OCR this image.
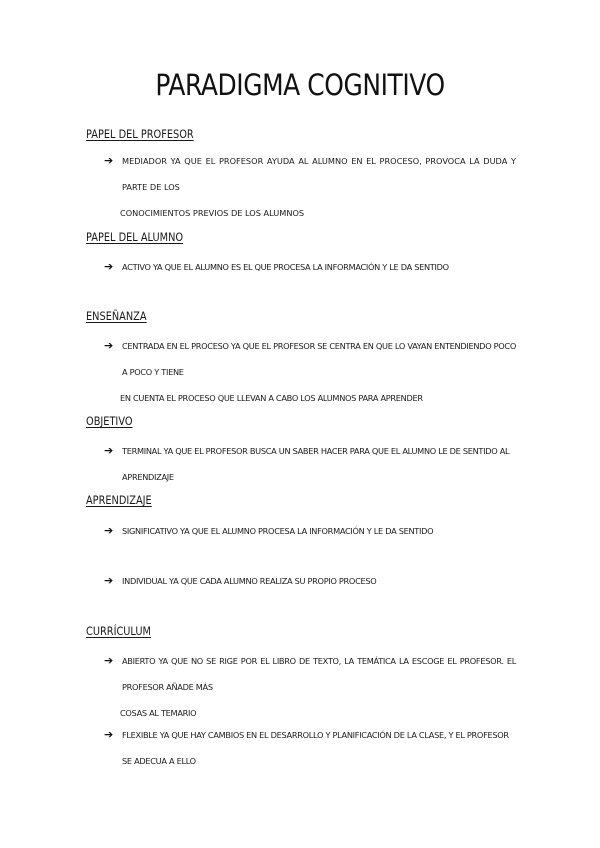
PARADIGMA COGNITIVO
PAPEL DEL PROFESOR
➔	MEDIADOR YA QUE EL PROFESOR AYUDA AL ALUMNO EN EL PROCESO, PROVOCA LA DUDA Y PARTE DE LOS
CONOCIMIENTOS PREVIOS DE LOS ALUMNOS
PAPEL DEL ALUMNO
➔	ACTIVO YA QUE EL ALUMNO ES EL QUE PROCESA LA INFORMACIÓN Y LE DA SENTIDO
ENSEÑANZA
➔	CENTRADA EN EL PROCESO YA QUE EL PROFESOR SE CENTRA EN QUE LO VAYAN ENTENDIENDO POCO A POCO Y TIENE
EN CUENTA EL PROCESO QUE LLEVAN A CABO LOS ALUMNOS PARA APRENDER
OBJETIVO
➔	TERMINAL YA QUE EL PROFESOR BUSCA UN SABER HACER PARA QUE EL ALUMNO LE DE SENTIDO AL APRENDIZAJE
APRENDIZAJE
➔	SIGNIFICATIVO YA QUE EL ALUMNO PROCESA LA INFORMACIÓN Y LE DA SENTIDO
➔	INDIVIDUAL YA QUE CADA ALUMNO REALIZA SU PROPIO PROCESO
CURRÍCULUM
➔	ABIERTO YA QUE NO SE RIGE POR EL LIBRO DE TEXTO, LA TEMÁTICA LA ESCOGE EL PROFESOR. EL PROFESOR AÑADE MÁS
COSAS AL TEMARIO
➔	FLEXIBLE YA QUE HAY CAMBIOS EN EL DESARROLLO Y PLANIFICACIÓN DE LA CLASE, Y EL PROFESOR SE ADECUA A ELLO
